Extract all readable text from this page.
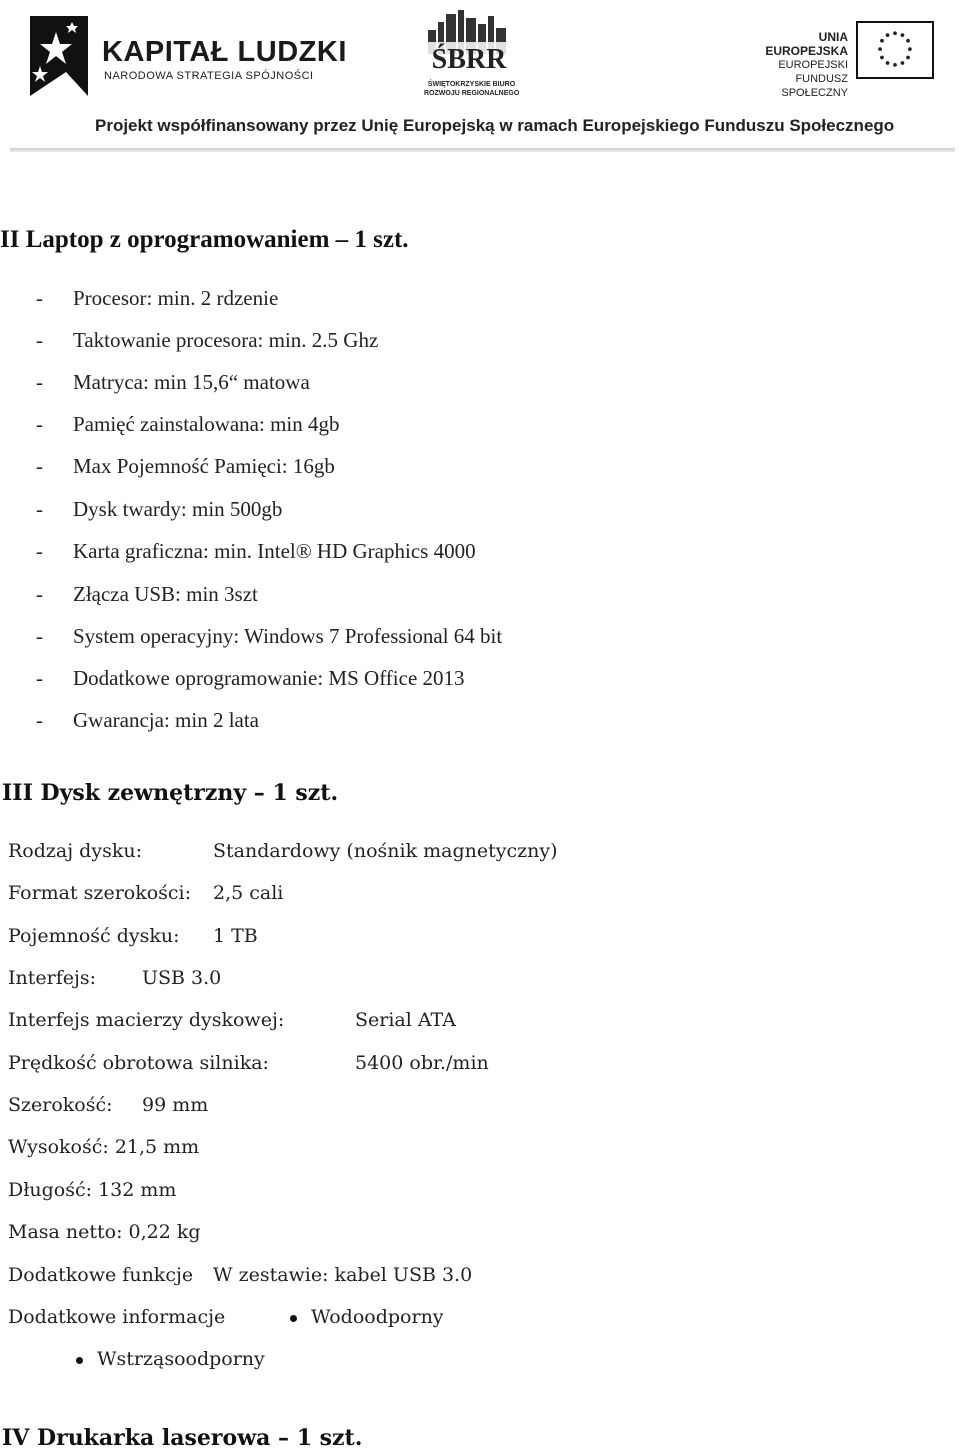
KAPITAŁ LUDZKI
NARODOWA STRATEGIA SPÓJNOŚCI
ŚBRR
ŚWIĘTOKRZYSKIE BIURO
ROZWOJU REGIONALNEGO
UNIA EUROPEJSKA
EUROPEJSKI
FUNDUSZ SPOŁECZNY
Projekt współfinansowany przez Unię Europejską w ramach Europejskiego Funduszu Społecznego
II Laptop z oprogramowaniem – 1 szt.
- Procesor: min. 2 rdzenie
- Taktowanie procesora: min. 2.5 Ghz
- Matryca: min 15,6“ matowa
- Pamięć zainstalowana: min 4gb
- Max Pojemność Pamięci: 16gb
- Dysk twardy: min 500gb
- Karta graficzna: min. Intel® HD Graphics 4000
- Złącza USB: min 3szt
- System operacyjny: Windows 7 Professional 64 bit
- Dodatkowe oprogramowanie: MS Office 2013
- Gwarancja: min 2 lata
III Dysk zewnętrzny – 1 szt.
Rodzaj dysku:	Standardowy (nośnik magnetyczny)
Format szerokości: 2,5 cali
Pojemność dysku: 1 TB
Interfejs: USB 3.0
Interfejs macierzy dyskowej:	Serial ATA
Prędkość obrotowa silnika:	5400 obr./min
Szerokość: 99 mm
Wysokość: 21,5 mm
Długość: 132 mm
Masa netto: 0,22 kg
Dodatkowe funkcje W zestawie: kabel USB 3.0
Dodatkowe informacje	Wodoodporny
Wstrząsoodporny
IV Drukarka laserowa – 1 szt.
